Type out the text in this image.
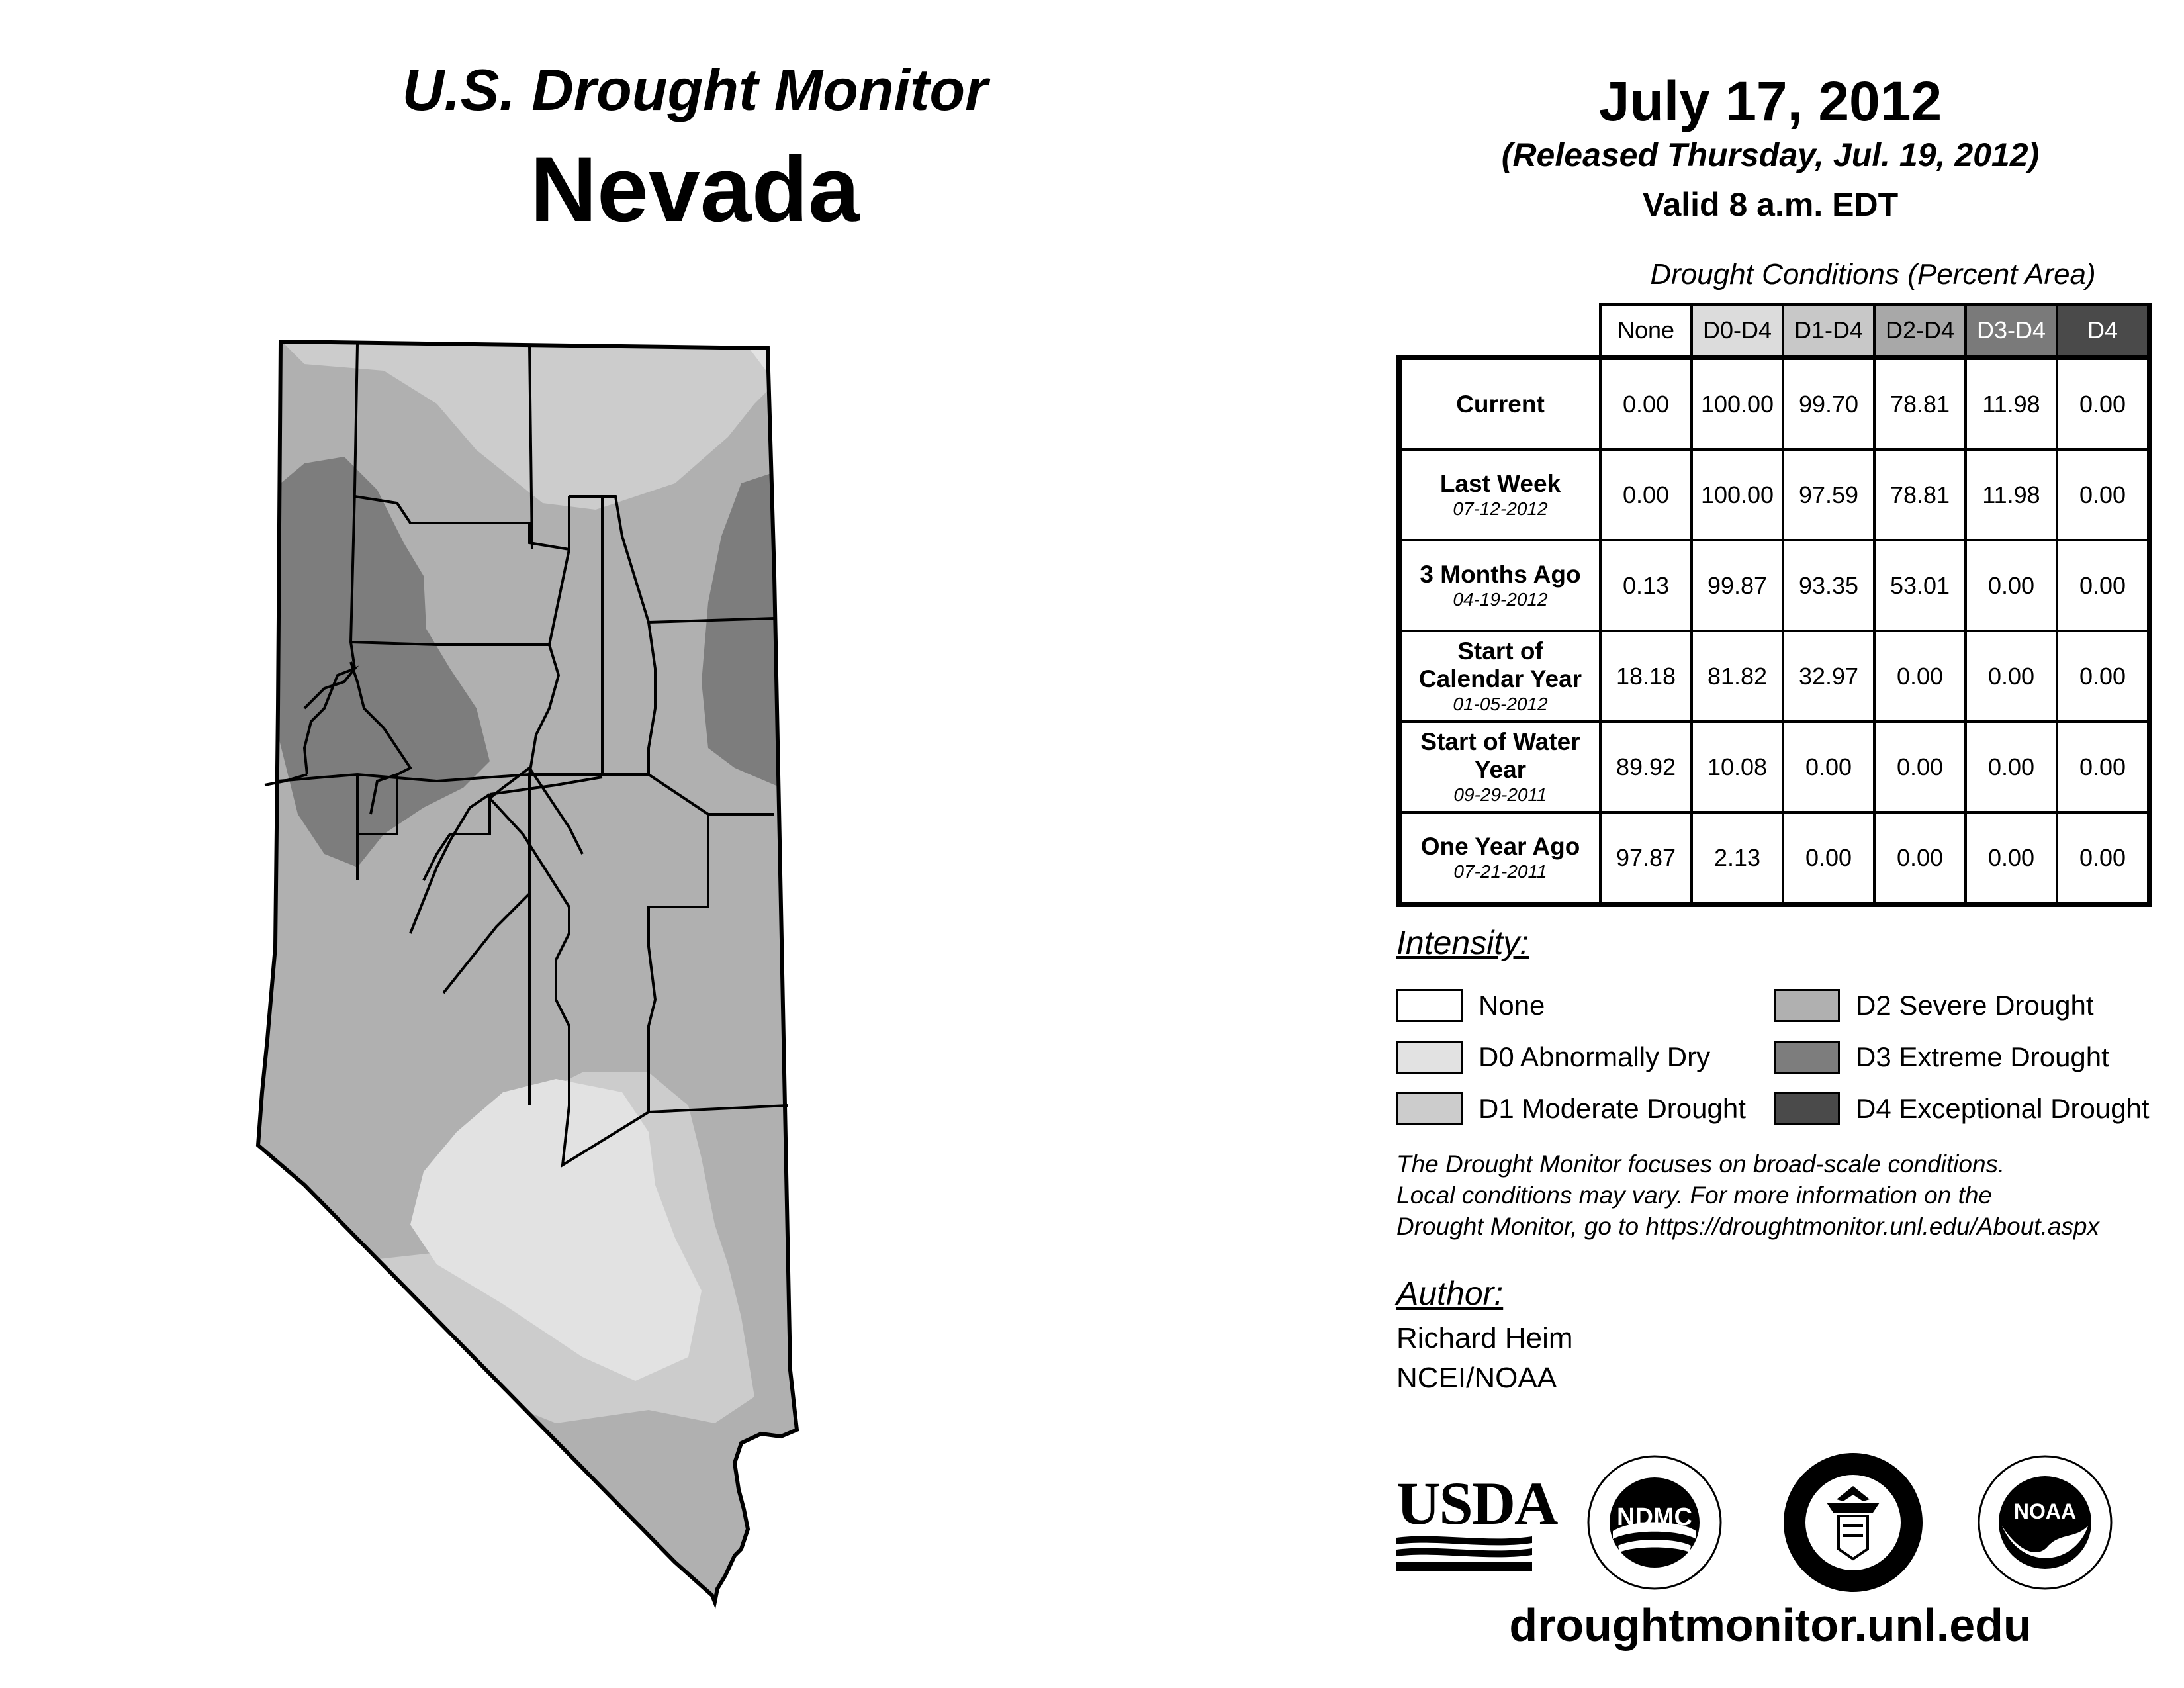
U.S. Drought Monitor
Nevada
July 17, 2012
(Released Thursday, Jul. 19, 2012)
Valid 8 a.m. EDT
Drought Conditions (Percent Area)
	None	D0-D4	D1-D4	D2-D4	D3-D4	D4
Current	0.00	100.00	99.70	78.81	11.98	0.00
Last Week
07-12-2012	0.00	100.00	97.59	78.81	11.98	0.00
3 Months Ago
04-19-2012	0.13	99.87	93.35	53.01	0.00	0.00
Start of Calendar Year
01-05-2012	18.18	81.82	32.97	0.00	0.00	0.00
Start of Water Year
09-29-2011	89.92	10.08	0.00	0.00	0.00	0.00
One Year Ago
07-21-2011	97.87	2.13	0.00	0.00	0.00	0.00
Intensity:
None
D0 Abnormally Dry
D1 Moderate Drought
D2 Severe Drought
D3 Extreme Drought
D4 Exceptional Drought
The Drought Monitor focuses on broad-scale conditions.
Local conditions may vary. For more information on the
Drought Monitor, go to https://droughtmonitor.unl.edu/About.aspx
Author:
Richard Heim
NCEI/NOAA
USDA	NDMC	NOAA
droughtmonitor.unl.edu
